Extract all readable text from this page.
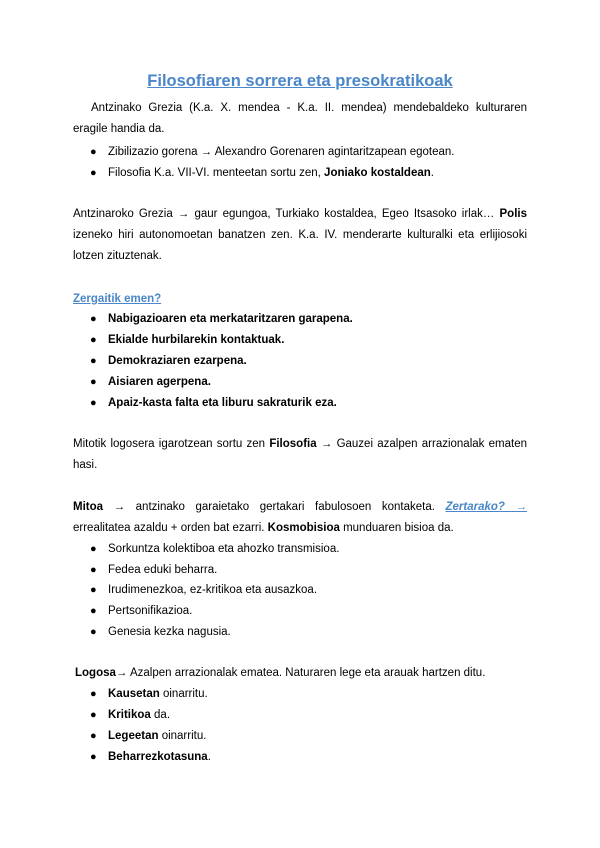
Filosofiaren sorrera eta presokratikoak
Antzinako Grezia (K.a. X. mendea - K.a. II. mendea) mendebaldeko kulturaren eragile handia da.
● Zibilizazio gorena → Alexandro Gorenaren agintaritzapean egotean.
● Filosofia K.a. VII-VI. menteetan sortu zen, Joniako kostaldean.
Antzinaroko Grezia → gaur egungoa, Turkiako kostaldea, Egeo Itsasoko irlak… Polis izeneko hiri autonomoetan banatzen zen. K.a. IV. menderarte kulturalki eta erlijiosoki lotzen zituztenak.
Zergaitik emen?
● Nabigazioaren eta merkataritzaren garapena.
● Ekialde hurbilarekin kontaktuak.
● Demokraziaren ezarpena.
● Aisiaren agerpena.
● Apaiz-kasta falta eta liburu sakraturik eza.
Mitotik logosera igarotzean sortu zen Filosofia → Gauzei azalpen arrazionalak ematen hasi.
Mitoa → antzinako garaietako gertakari fabulosoen kontaketa. Zertarako? → errealitatea azaldu + orden bat ezarri. Kosmobisioa munduaren bisioa da.
● Sorkuntza kolektiboa eta ahozko transmisioa.
● Fedea eduki beharra.
● Irudimenezkoa, ez-kritikoa eta ausazkoa.
● Pertsonifikazioa.
● Genesia kezka nagusia.
Logosa→ Azalpen arrazionalak ematea. Naturaren lege eta arauak hartzen ditu.
● Kausetan oinarritu.
● Kritikoa da.
● Legeetan oinarritu.
● Beharrezkotasuna.
